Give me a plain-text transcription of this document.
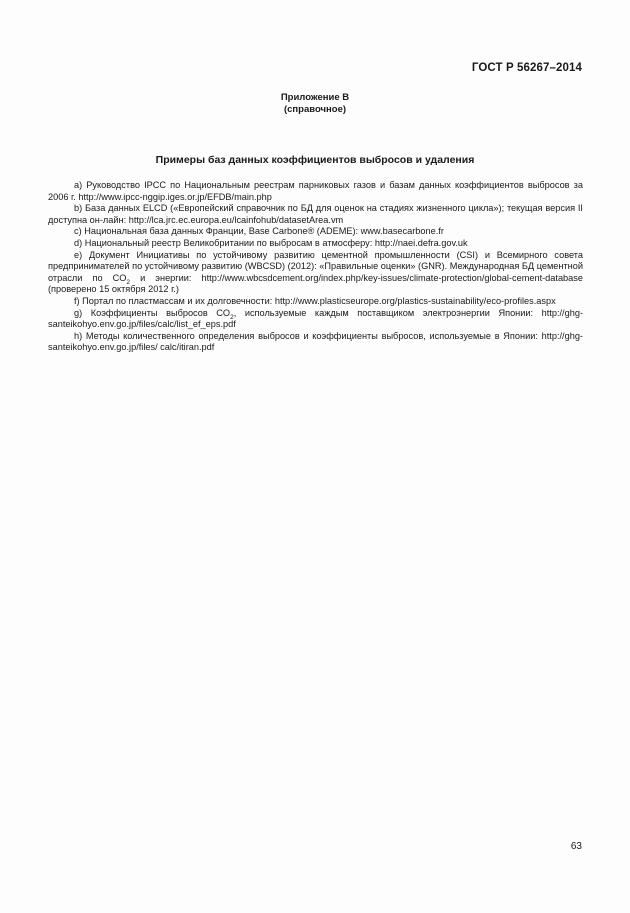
ГОСТ Р 56267–2014
Приложение В
(справочное)
Примеры баз данных коэффициентов выбросов и удаления

a) Руководство IPCC по Национальным реестрам парниковых газов и базам данных коэффициентов выбросов за 2006 г. http://www.ipcc-nggip.iges.or.jp/EFDB/main.php

b) База данных ELCD («Европейский справочник по БД для оценок на стадиях жизненного цикла»); текущая версия II доступна он-лайн: http://lca.jrc.ec.europa.eu/lcainfohub/datasetArea.vm

c) Национальная база данных Франции, Base Carbone® (ADEME): www.basecarbone.fr

d) Национальный реестр Великобритании по выбросам в атмосферу: http://naei.defra.gov.uk

e) Документ Инициативы по устойчивому развитию цементной промышленности (CSI) и Всемирного совета предпринимателей по устойчивому развитию (WBCSD) (2012): «Правильные оценки» (GNR). Международная БД цементной отрасли по $CO_2$ и энергии: http://www.wbcsdcement.org/index.php/key-issues/climate-protection/global-cement-database (проверено 15 октября 2012 г.)

f) Портал по пластмассам и их долговечности: http://www.plasticseurope.org/plastics-sustainability/eco-profiles.aspx

g) Коэффициенты выбросов $CO_2$, используемые каждым поставщиком электроэнергии Японии: http://ghg-santeikohyo.env.go.jp/files/calc/list_ef_eps.pdf

h) Методы количественного определения выбросов и коэффициенты выбросов, используемые в Японии: http://ghg-santeikohyo.env.go.jp/files/ calc/itiran.pdf

63
